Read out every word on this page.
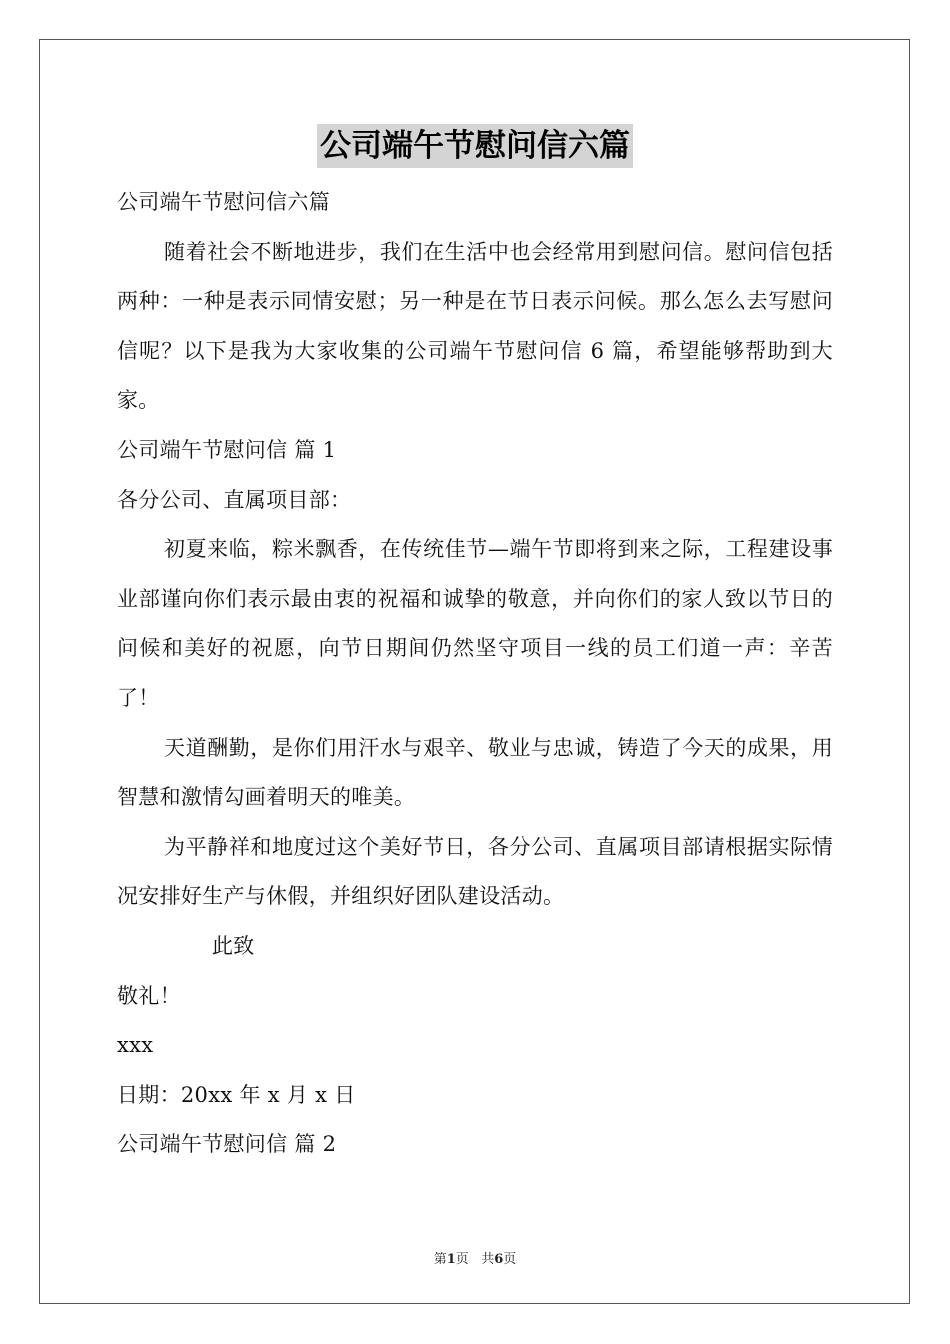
公司端午节慰问信六篇

公司端午节慰问信六篇

随着社会不断地进步，我们在生活中也会经常用到慰问信。慰问信包括两种：一种是表示同情安慰；另一种是在节日表示问候。那么怎么去写慰问信呢？以下是我为大家收集的公司端午节慰问信 6 篇，希望能够帮助到大家。

公司端午节慰问信 篇 1

各分公司、直属项目部：

初夏来临，粽米飘香，在传统佳节—端午节即将到来之际，工程建设事业部谨向你们表示最由衷的祝福和诚挚的敬意，并向你们的家人致以节日的问候和美好的祝愿，向节日期间仍然坚守项目一线的员工们道一声：辛苦了！

天道酬勤，是你们用汗水与艰辛、敬业与忠诚，铸造了今天的成果，用智慧和激情勾画着明天的唯美。

为平静祥和地度过这个美好节日，各分公司、直属项目部请根据实际情况安排好生产与休假，并组织好团队建设活动。

此致

敬礼！

xxx

日期：20xx 年 x 月 x 日

公司端午节慰问信 篇 2

第1页 共6页
